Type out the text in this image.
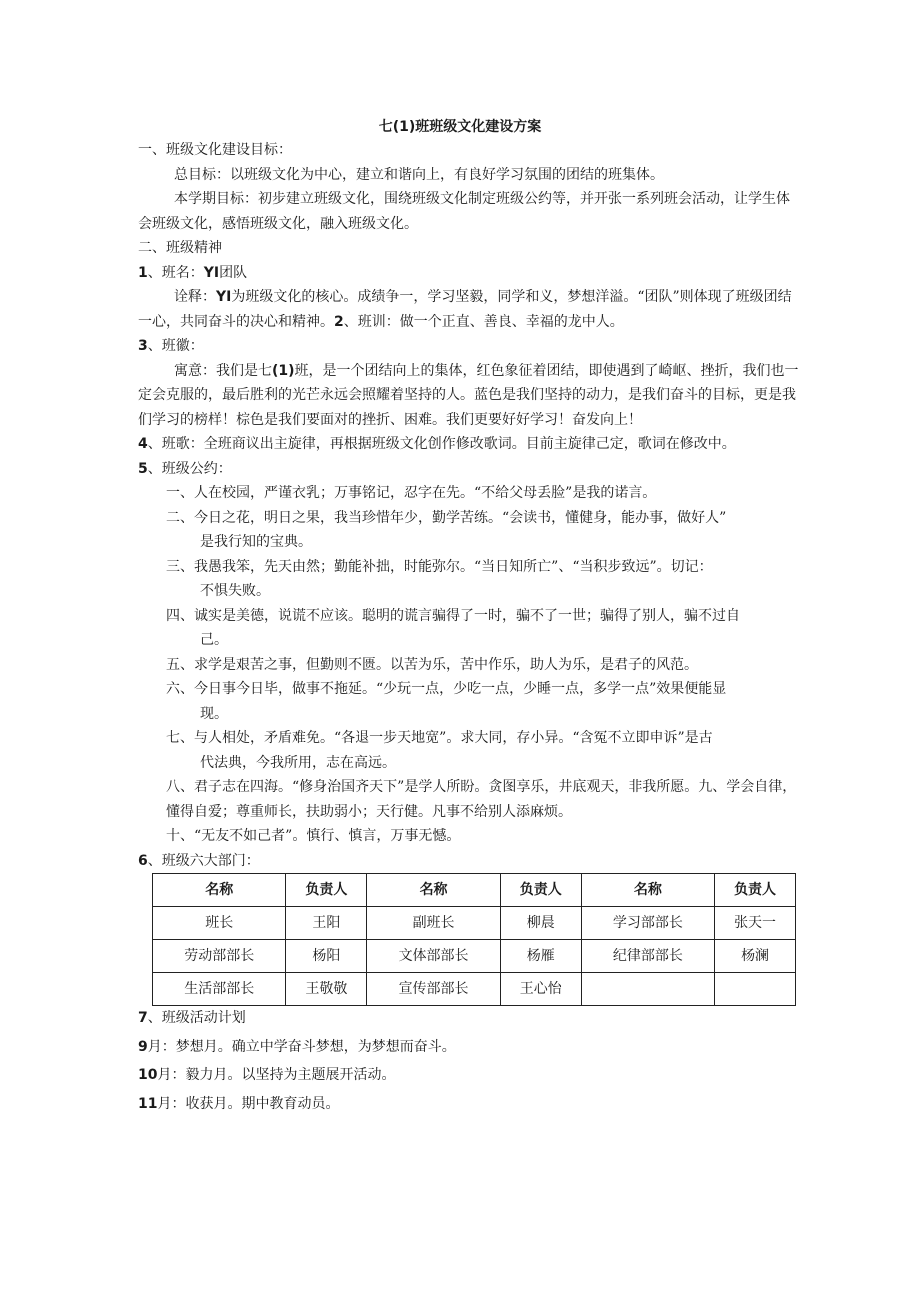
七(1)班班级文化建设方案

一、班级文化建设目标：

总目标：以班级文化为中心，建立和谐向上，有良好学习氛围的团结的班集体。

本学期目标：初步建立班级文化，围绕班级文化制定班级公约等，并开张一系列班会活动，让学生体会班级文化，感悟班级文化，融入班级文化。

二、班级精神

1、班名：YI团队

诠释：YI为班级文化的核心。成绩争一，学习坚毅，同学和义，梦想洋溢。“团队”则体现了班级团结一心，共同奋斗的决心和精神。2、班训：做一个正直、善良、幸福的龙中人。

3、班徽：

寓意：我们是七(1)班，是一个团结向上的集体，红色象征着团结，即使遇到了崎岖、挫折，我们也一定会克服的，最后胜利的光芒永远会照耀着坚持的人。蓝色是我们坚持的动力，是我们奋斗的目标，更是我们学习的榜样！棕色是我们要面对的挫折、困难。我们更要好好学习！奋发向上！

4、班歌：全班商议出主旋律，再根据班级文化创作修改歌词。目前主旋律己定，歌词在修改中。

5、班级公约：

一、人在校园，严谨衣乳；万事铭记，忍字在先。“不给父母丢脸”是我的诺言。

二、今日之花，明日之果，我当珍惜年少，勤学苦练。“会读书，懂健身，能办事，做好人”
是我行知的宝典。

三、我愚我笨，先天由然；勤能补拙，时能弥尔。“当日知所亡”、“当积步致远”。切记：
不惧失败。

四、诚实是美德，说谎不应该。聪明的谎言骗得了一时，骗不了一世；骗得了别人，骗不过自
己。

五、求学是艰苦之事，但勤则不匮。以苦为乐，苦中作乐，助人为乐，是君子的风范。

六、今日事今日毕，做事不拖延。“少玩一点，少吃一点，少睡一点，多学一点”效果便能显
现。

七、与人相处，矛盾难免。“各退一步天地宽”。求大同，存小异。“含冤不立即申诉”是古
代法典，今我所用，志在高远。

八、君子志在四海。“修身治国齐天下”是学人所盼。贪图享乐，井底观天，非我所愿。九、学会自律，懂得自爱；尊重师长，扶助弱小；天行健。凡事不给别人添麻烦。

十、“无友不如己者”。慎行、慎言，万事无憾。

6、班级六大部门：

名称	负责人	名称	负责人	名称	负责人
班长	王阳	副班长	柳晨	学习部部长	张天一
劳动部部长	杨阳	文体部部长	杨雁	纪律部部长	杨澜
生活部部长	王敬敬	宣传部部长	王心怡		

7、班级活动计划

9月：梦想月。确立中学奋斗梦想，为梦想而奋斗。

10月：毅力月。以坚持为主题展开活动。

11月：收获月。期中教育动员。
